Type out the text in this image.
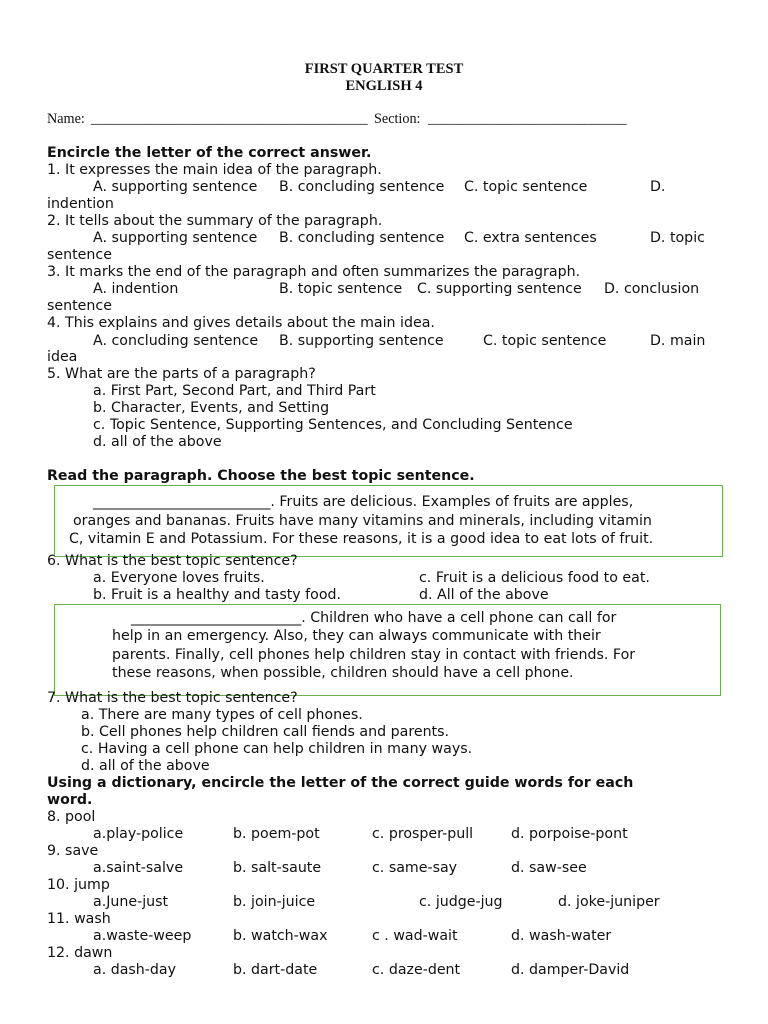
FIRST QUARTER TEST
ENGLISH 4
Name: _______________________________________ Section: ____________________________
Encircle the letter of the correct answer.
1. It expresses the main idea of the paragraph.
A. supporting sentence B. concluding sentence C. topic sentence	D.
indention
2. It tells about the summary of the paragraph.
A. supporting sentence B. concluding sentence C. extra sentences	D. topic
sentence
3. It marks the end of the paragraph and often summarizes the paragraph.
A. indention	B. topic sentence C. supporting sentence D. conclusion
sentence
4. This explains and gives details about the main idea.
A. concluding sentence B. supporting sentence	C. topic sentence	D. main
idea
5. What are the parts of a paragraph?
a. First Part, Second Part, and Third Part
b. Character, Events, and Setting
c. Topic Sentence, Supporting Sentences, and Concluding Sentence
d. all of the above
Read the paragraph. Choose the best topic sentence.
_________________________. Fruits are delicious. Examples of fruits are apples,
oranges and bananas. Fruits have many vitamins and minerals, including vitamin
C, vitamin E and Potassium. For these reasons, it is a good idea to eat lots of fruit.
6. What is the best topic sentence?
a. Everyone loves fruits.	c. Fruit is a delicious food to eat.
b. Fruit is a healthy and tasty food.	d. All of the above
________________________. Children who have a cell phone can call for
help in an emergency. Also, they can always communicate with their
parents. Finally, cell phones help children stay in contact with friends. For
these reasons, when possible, children should have a cell phone.
7. What is the best topic sentence?
a. There are many types of cell phones.
b. Cell phones help children call fiends and parents.
c. Having a cell phone can help children in many ways.
d. all of the above
Using a dictionary, encircle the letter of the correct guide words for each
word.
8. pool
a.play-police	b. poem-pot	c. prosper-pull	d. porpoise-pont
9. save
a.saint-salve	b. salt-saute	c. same-say	d. saw-see
10. jump
a.June-just	b. join-juice	c. judge-jug	d. joke-juniper
11. wash
a.waste-weep	b. watch-wax	c . wad-wait	d. wash-water
12. dawn
a. dash-day	b. dart-date	c. daze-dent	d. damper-David
